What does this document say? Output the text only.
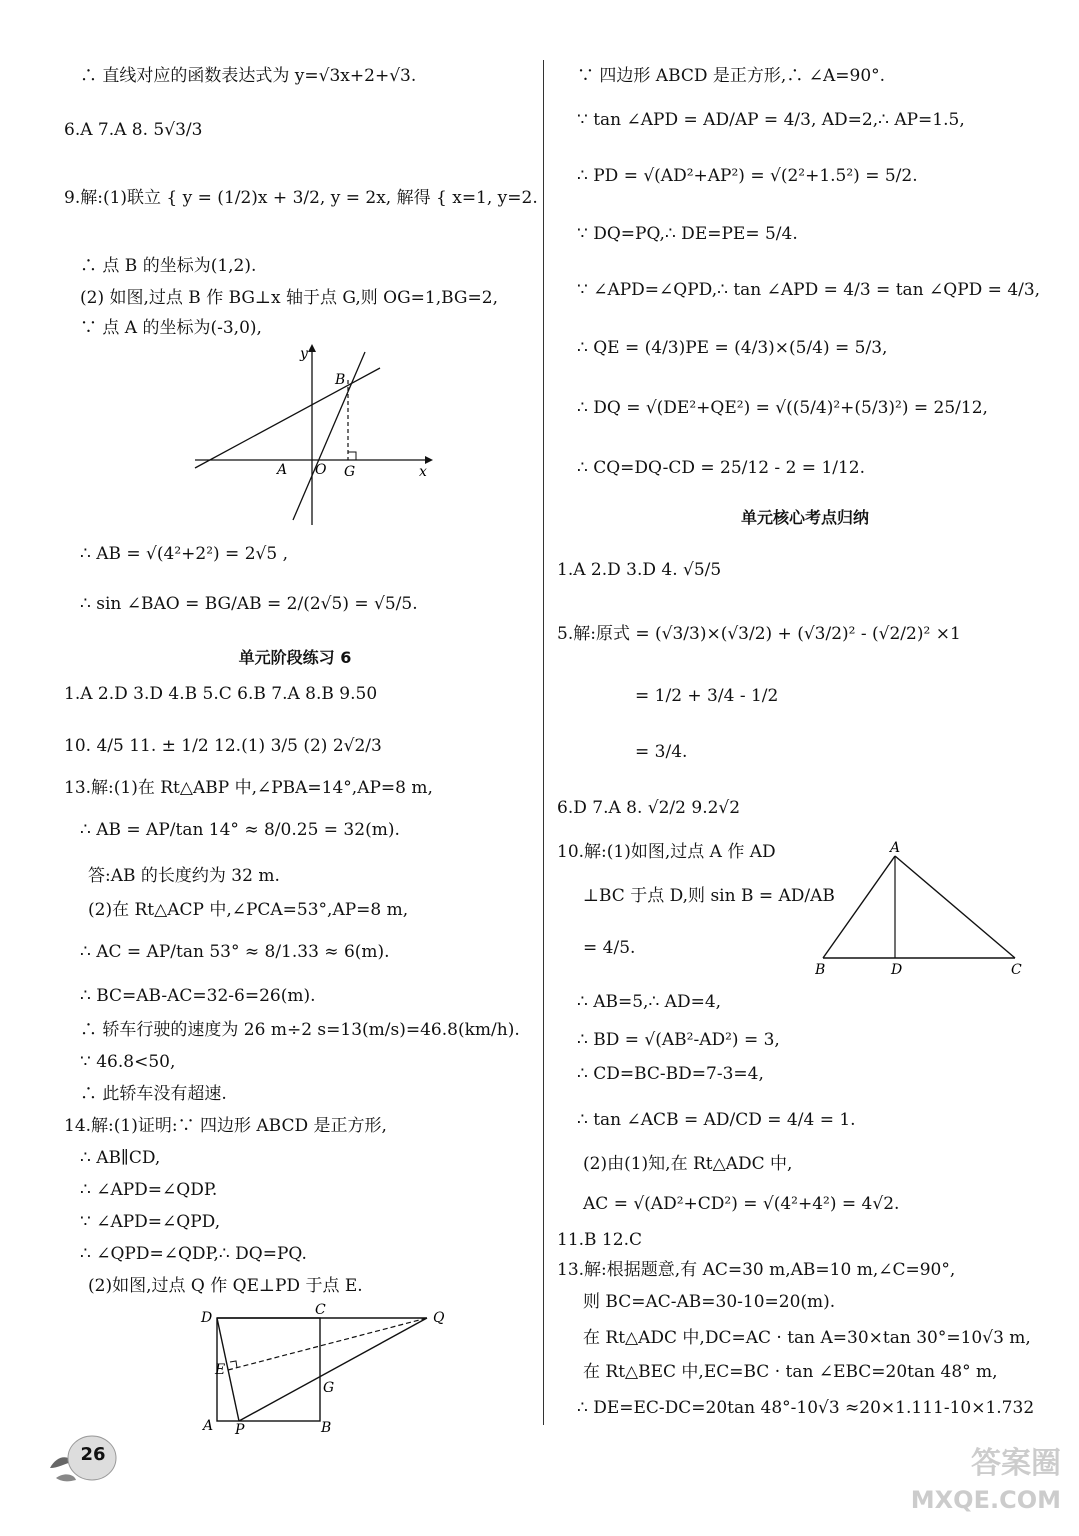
∴ 直线对应的函数表达式为 y=√3x+2+√3.
6.A 7.A 8. 5√3/3
9.解:(1)联立 { y = (1/2)x + 3/2, y = 2x, 解得 { x=1, y=2.
∴ 点 B 的坐标为(1,2).
(2) 如图,过点 B 作 BG⊥x 轴于点 G,则 OG=1,BG=2,
∵ 点 A 的坐标为(-3,0),
y
x
A O
B
G
∴ AB = √(4²+2²) = 2√5 ,
∴ sin ∠BAO = BG/AB = 2/(2√5) = √5/5.
单元阶段练习 6
1.A 2.D 3.D 4.B 5.C 6.B 7.A 8.B 9.50
10. 4/5 11. ± 1/2 12.(1) 3/5 (2) 2√2/3
13.解:(1)在 Rt△ABP 中,∠PBA=14°,AP=8 m,
∴ AB = AP/tan 14° ≈ 8/0.25 = 32(m).
答:AB 的长度约为 32 m.
(2)在 Rt△ACP 中,∠PCA=53°,AP=8 m,
∴ AC = AP/tan 53° ≈ 8/1.33 ≈ 6(m).
∴ BC=AB-AC=32-6=26(m).
∴ 轿车行驶的速度为 26 m÷2 s=13(m/s)=46.8(km/h).
∵ 46.8<50,
∴ 此轿车没有超速.
14.解:(1)证明:∵ 四边形 ABCD 是正方形,
∴ AB∥CD,
∴ ∠APD=∠QDP.
∵ ∠APD=∠QPD,
∴ ∠QPD=∠QDP,∴ DQ=PQ.
(2)如图,过点 Q 作 QE⊥PD 于点 E.
D	C	Q
E
G
A P	B
∵ 四边形 ABCD 是正方形,∴ ∠A=90°.
∵ tan ∠APD = AD/AP = 4/3, AD=2,∴ AP=1.5,
∴ PD = √(AD²+AP²) = √(2²+1.5²) = 5/2.
∵ DQ=PQ,∴ DE=PE= 5/4.
∵ ∠APD=∠QPD,∴ tan ∠APD = 4/3 = tan ∠QPD = 4/3,
∴ QE = (4/3)PE = (4/3)×(5/4) = 5/3,
∴ DQ = √(DE²+QE²) = √((5/4)²+(5/3)²) = 25/12,
∴ CQ=DQ-CD = 25/12 - 2 = 1/12.
单元核心考点归纳
1.A 2.D 3.D 4. √5/5
5.解:原式 = (√3/3)×(√3/2) + (√3/2)² - (√2/2)² ×1
= 1/2 + 3/4 - 1/2
= 3/4.
6.D 7.A 8. √2/2 9.2√2
10.解:(1)如图,过点 A 作 AD
⊥BC 于点 D,则 sin B = AD/AB
= 4/5.
∴ AB=5,∴ AD=4,
∴ BD = √(AB²-AD²) = 3,
∴ CD=BC-BD=7-3=4,
∴ tan ∠ACB = AD/CD = 4/4 = 1.
(2)由(1)知,在 Rt△ADC 中,
AC = √(AD²+CD²) = √(4²+4²) = 4√2.
11.B 12.C
13.解:根据题意,有 AC=30 m,AB=10 m,∠C=90°,
则 BC=AC-AB=30-10=20(m).
在 Rt△ADC 中,DC=AC · tan A=30×tan 30°=10√3 m,
在 Rt△BEC 中,EC=BC · tan ∠EBC=20tan 48° m,
∴ DE=EC-DC=20tan 48°-10√3 ≈20×1.111-10×1.732
A
B	D	C
26	答案圈
MXQE.COM
